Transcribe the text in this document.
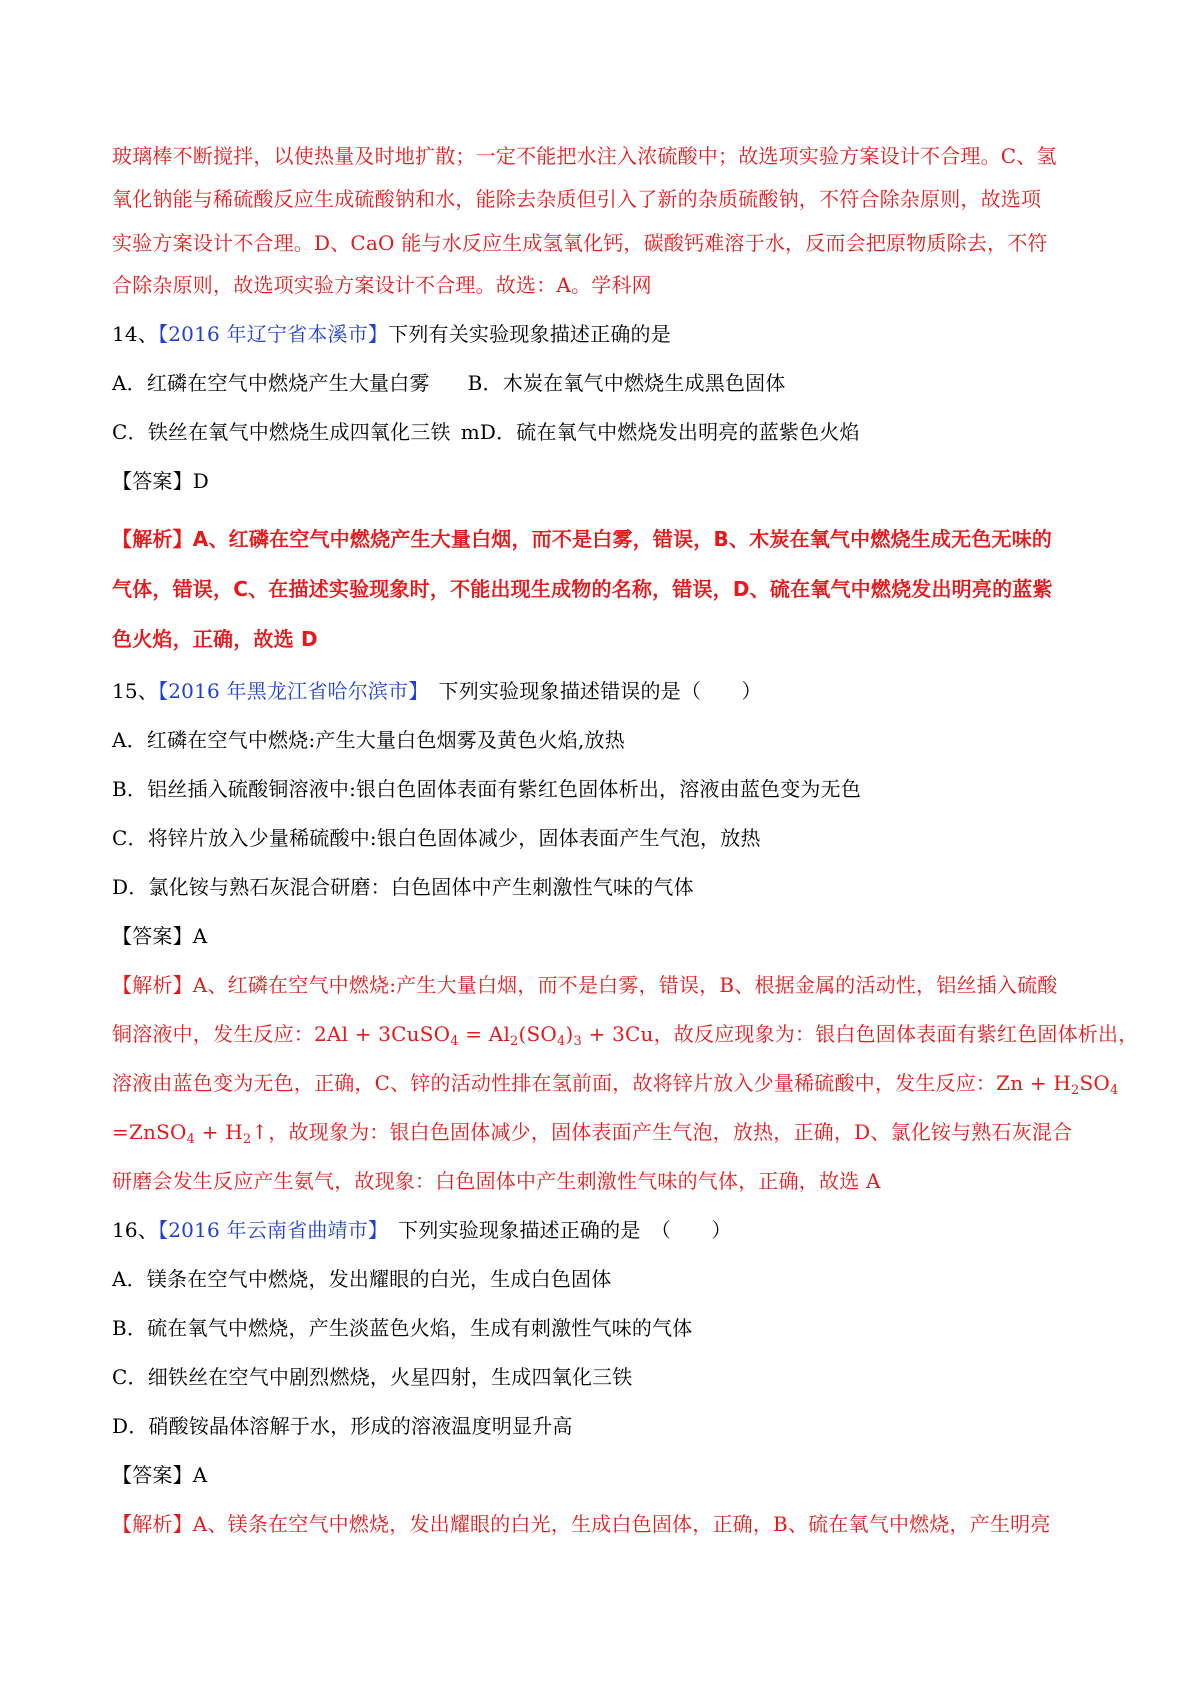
玻璃棒不断搅拌，以使热量及时地扩散；一定不能把水注入浓硫酸中；故选项实验方案设计不合理。C、氢
氧化钠能与稀硫酸反应生成硫酸钠和水，能除去杂质但引入了新的杂质硫酸钠，不符合除杂原则，故选项
实验方案设计不合理。D、CaO 能与水反应生成氢氧化钙，碳酸钙难溶于水，反而会把原物质除去，不符
合除杂原则，故选项实验方案设计不合理。故选：A。学科网
14、【2016 年辽宁省本溪市】下列有关实验现象描述正确的是
A．红磷在空气中燃烧产生大量白雾 B．木炭在氧气中燃烧生成黑色固体
C．铁丝在氧气中燃烧生成四氧化三铁 mD．硫在氧气中燃烧发出明亮的蓝紫色火焰
【答案】D
【解析】A、红磷在空气中燃烧产生大量白烟，而不是白雾，错误，B、木炭在氧气中燃烧生成无色无味的
气体，错误，C、在描述实验现象时，不能出现生成物的名称，错误，D、硫在氧气中燃烧发出明亮的蓝紫
色火焰，正确，故选 D
15、【2016 年黑龙江省哈尔滨市】 下列实验现象描述错误的是（　　）
A．红磷在空气中燃烧:产生大量白色烟雾及黄色火焰,放热
B．铝丝插入硫酸铜溶液中:银白色固体表面有紫红色固体析出，溶液由蓝色变为无色
C．将锌片放入少量稀硫酸中:银白色固体减少，固体表面产生气泡，放热
D．氯化铵与熟石灰混合研磨：白色固体中产生刺激性气味的气体
【答案】A
【解析】A、红磷在空气中燃烧:产生大量白烟，而不是白雾，错误，B、根据金属的活动性，铝丝插入硫酸
铜溶液中，发生反应：2Al + 3CuSO$_4$ = $Al_2(SO_4)_3 + 3Cu$，故反应现象为：银白色固体表面有紫红色固体析出，
溶液由蓝色变为无色，正确，C、锌的活动性排在氢前面，故将锌片放入少量稀硫酸中，发生反应：$Zn + H_2SO_4$
=ZnSO$_4$ + $H_2↑$，故现象为：银白色固体减少，固体表面产生气泡，放热，正确，D、氯化铵与熟石灰混合
研磨会发生反应产生氨气，故现象：白色固体中产生刺激性气味的气体，正确，故选 A
16、【2016 年云南省曲靖市】 下列实验现象描述正确的是　（　　）
A．镁条在空气中燃烧，发出耀眼的白光，生成白色固体
B．硫在氧气中燃烧，产生淡蓝色火焰，生成有刺激性气味的气体
C．细铁丝在空气中剧烈燃烧，火星四射，生成四氧化三铁
D．硝酸铵晶体溶解于水，形成的溶液温度明显升高
【答案】A
【解析】A、镁条在空气中燃烧，发出耀眼的白光，生成白色固体，正确，B、硫在氧气中燃烧，产生明亮
